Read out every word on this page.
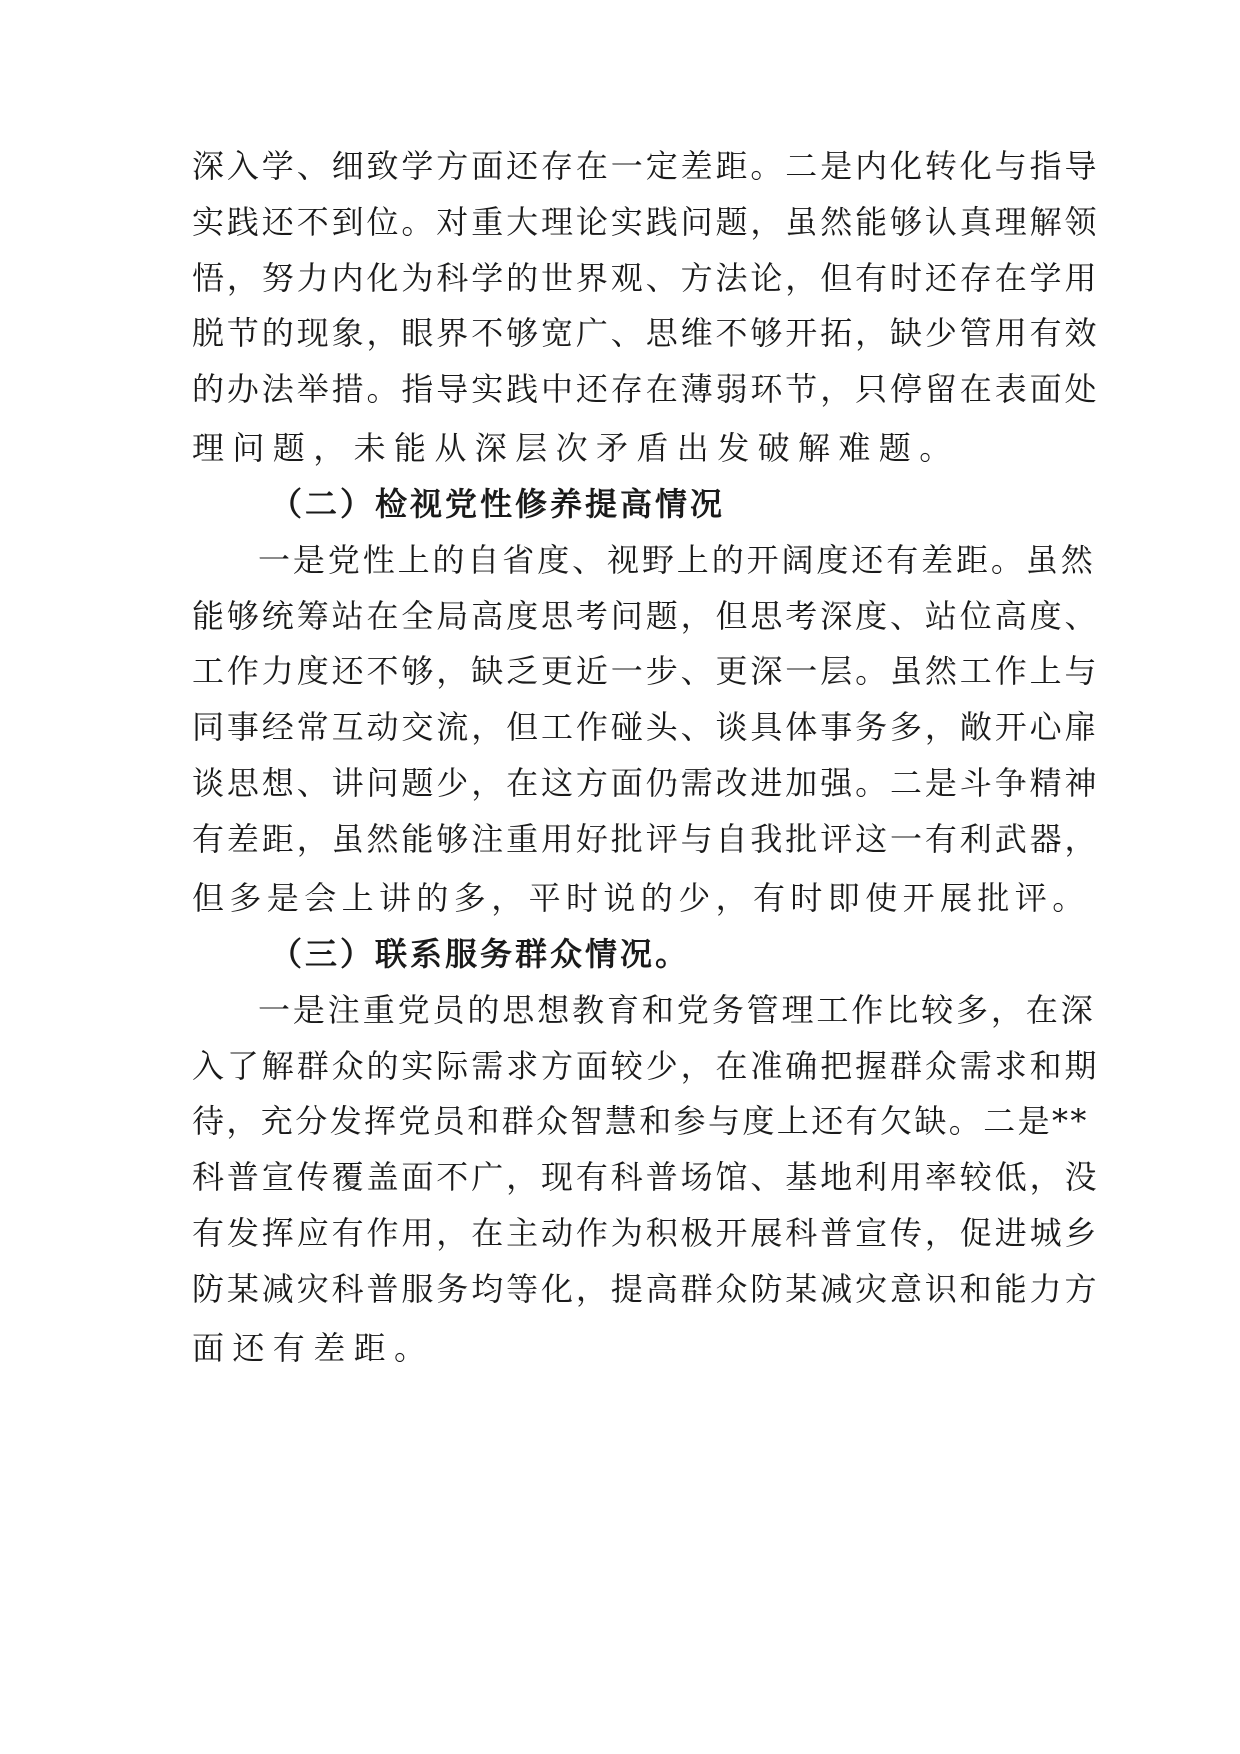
深入学、细致学方面还存在一定差距。二是内化转化与指导
实践还不到位。对重大理论实践问题，虽然能够认真理解领
悟，努力内化为科学的世界观、方法论，但有时还存在学用
脱节的现象，眼界不够宽广、思维不够开拓，缺少管用有效
的办法举措。指导实践中还存在薄弱环节，只停留在表面处
理问题，未能从深层次矛盾出发破解难题。
（二）检视党性修养提高情况
一是党性上的自省度、视野上的开阔度还有差距。虽然
能够统筹站在全局高度思考问题，但思考深度、站位高度、
工作力度还不够，缺乏更近一步、更深一层。虽然工作上与
同事经常互动交流，但工作碰头、谈具体事务多，敞开心扉
谈思想、讲问题少，在这方面仍需改进加强。二是斗争精神
有差距，虽然能够注重用好批评与自我批评这一有利武器，
但多是会上讲的多，平时说的少，有时即使开展批评。
（三）联系服务群众情况。
一是注重党员的思想教育和党务管理工作比较多，在深
入了解群众的实际需求方面较少，在准确把握群众需求和期
待，充分发挥党员和群众智慧和参与度上还有欠缺。二是**
科普宣传覆盖面不广，现有科普场馆、基地利用率较低，没
有发挥应有作用，在主动作为积极开展科普宣传，促进城乡
防某减灾科普服务均等化，提高群众防某减灾意识和能力方
面还有差距。
